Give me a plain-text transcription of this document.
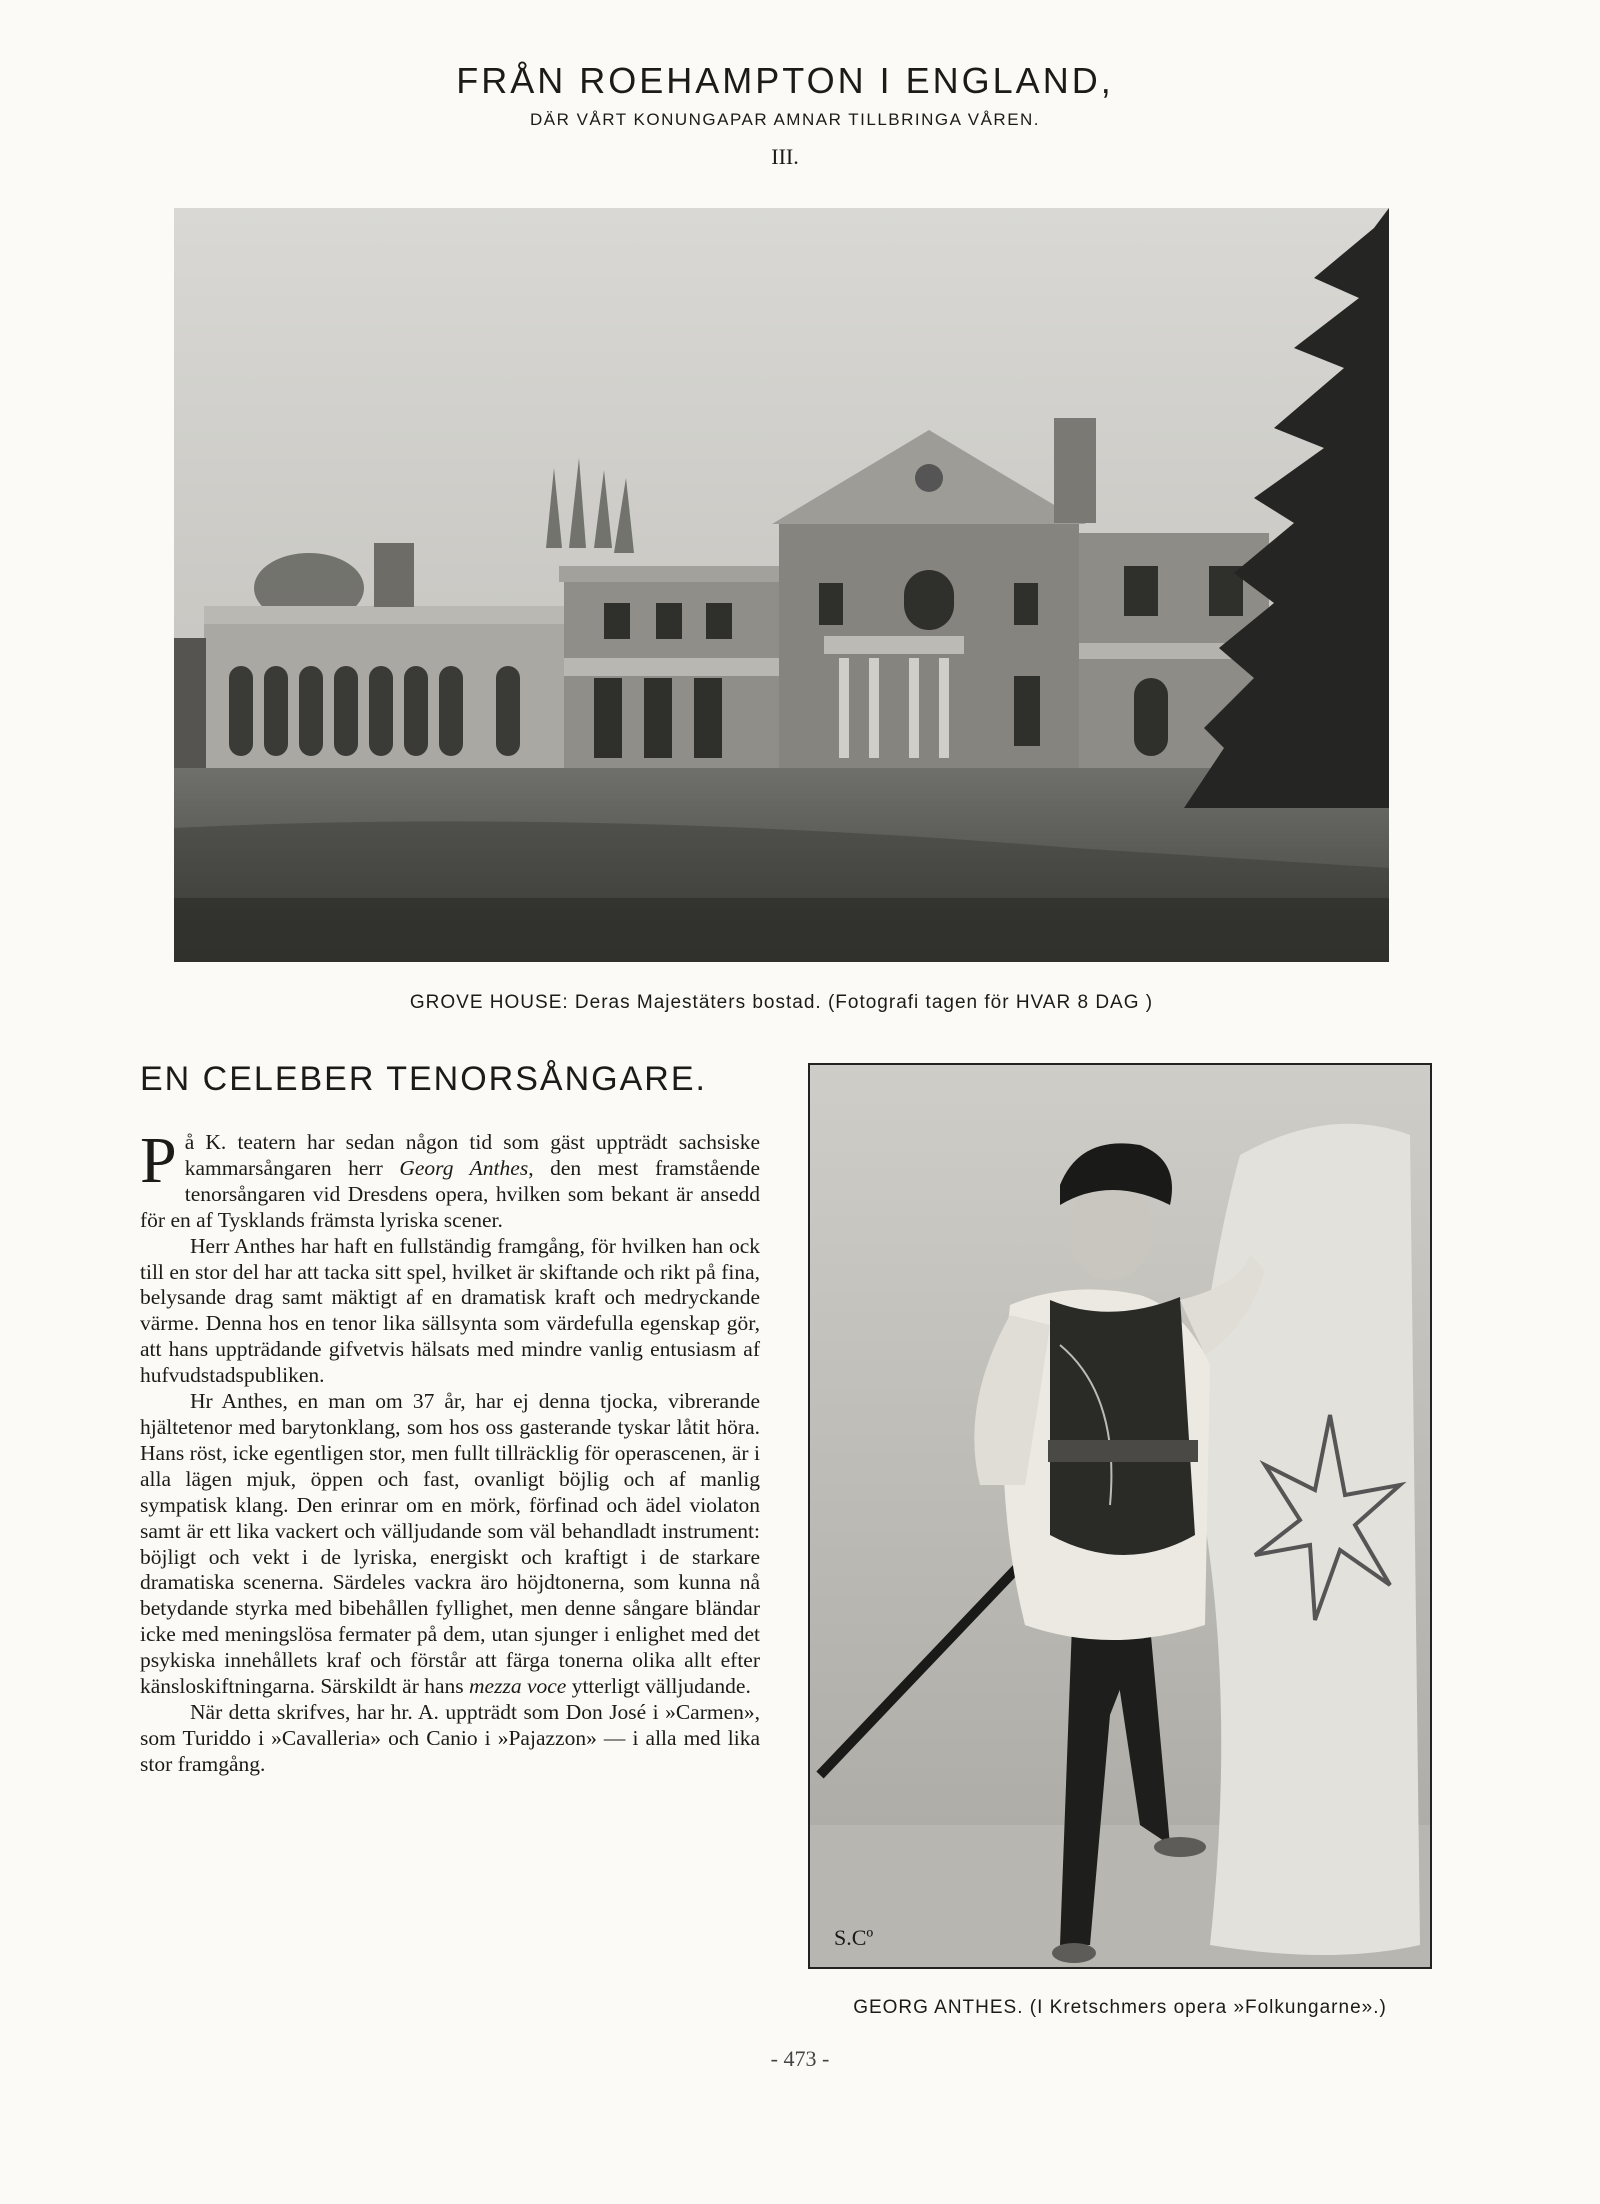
FRÅN ROEHAMPTON I ENGLAND,
DÄR VÅRT KONUNGAPAR AMNAR TILLBRINGA VÅREN.
III.
GROVE HOUSE: Deras Majestäters bostad. (Fotografi tagen för HVAR 8 DAG )
EN CELEBER TENORSÅNGARE.

På K. teatern har sedan någon tid som gäst uppträdt sachsiske kammarsångaren herr Georg Anthes, den mest framstående tenorsångaren vid Dresdens opera, hvilken som bekant är ansedd för en af Tysklands främsta lyriska scener.

Herr Anthes har haft en fullständig framgång, för hvilken han ock till en stor del har att tacka sitt spel, hvilket är skiftande och rikt på fina, belysande drag samt mäktigt af en dramatisk kraft och medryckande värme. Denna hos en tenor lika sällsynta som värdefulla egenskap gör, att hans uppträdande gifvetvis hälsats med mindre vanlig entusiasm af hufvudstadspubliken.

Hr Anthes, en man om 37 år, har ej denna tjocka, vibrerande hjältetenor med barytonklang, som hos oss gasterande tyskar låtit höra. Hans röst, icke egentligen stor, men fullt tillräcklig för operascenen, är i alla lägen mjuk, öppen och fast, ovanligt böjlig och af manlig sympatisk klang. Den erinrar om en mörk, förfinad och ädel violaton samt är ett lika vackert och välljudande som väl behandladt instrument: böjligt och vekt i de lyriska, energiskt och kraftigt i de starkare dramatiska scenerna. Särdeles vackra äro höjdtonerna, som kunna nå betydande styrka med bibehållen fyllighet, men denne sångare bländar icke med meningslösa fermater på dem, utan sjunger i enlighet med det psykiska innehållets kraf och förstår att färga tonerna olika allt efter känsloskiftningarna. Särskildt är hans mezza voce ytterligt välljudande.

När detta skrifves, har hr. A. uppträdt som Don José i »Carmen», som Turiddo i »Cavalleria» och Canio i »Pajazzon» — i alla med lika stor framgång.

S.Cº
GEORG ANTHES. (I Kretschmers opera »Folkungarne».)
- 473 -
